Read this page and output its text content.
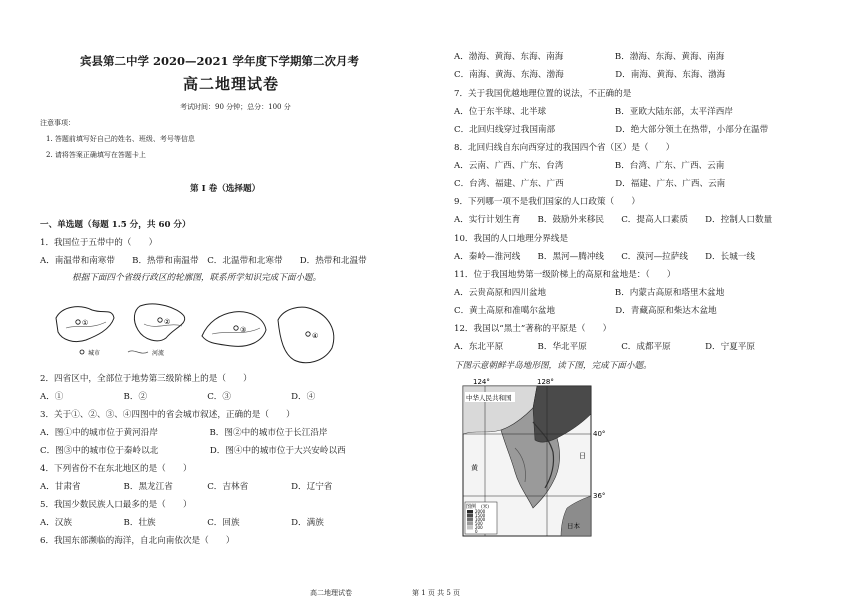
宾县第二中学 2020—2021 学年度下学期第二次月考
高二地理试卷
考试时间：90 分钟；总分：100 分
注意事项：
1. 答题前填写好自己的姓名、班级、考号等信息
2. 请将答案正确填写在答题卡上
第 I 卷（选择题）
一、单选题（每题 1.5 分，共 60 分）
1．我国位于五带中的（　　）
A．南温带和南寒带　　B．热带和南温带　C．北温带和北寒带　　D．热带和北温带
根据下面四个省级行政区的轮廓图，联系所学知识完成下面小题。
①	②
③
④
城市	河流
2．四省区中，全部位于地势第三级阶梯上的是（　　）
A．①　　　　　　　B．②　　　　　　　C．③　　　　　　　D．④
3．关于①、②、③、④四图中的省会城市叙述，正确的是（　　）
A．图①中的城市位于黄河沿岸　　　　　　B．图②中的城市位于长江沿岸
C．图③中的城市位于秦岭以北　　　　　　D．图④中的城市位于大兴安岭以西
4．下列省份不在东北地区的是（　　）
A．甘肃省　　　　　B．黑龙江省　　　　C．吉林省　　　　　D．辽宁省
5．我国少数民族人口最多的是（　　）
A．汉族　　　　　　B．壮族　　　　　　C．回族　　　　　　D．满族
6．我国东部濒临的海洋，自北向南依次是（　　）
A．渤海、黄海、东海、南海　　　　　　B．渤海、东海、黄海、南海
C．南海、黄海、东海、渤海　　　　　　D．南海、黄海、东海、渤海
7．关于我国优越地理位置的说法，不正确的是
A．位于东半球、北半球　　　　　　　　B．亚欧大陆东部，太平洋西岸
C．北回归线穿过我国南部　　　　　　　D．绝大部分领土在热带，小部分在温带
8．北回归线自东向西穿过的我国四个省（区）是（　　）
A．云南、广西、广东、台湾　　　　　　B．台湾、广东、广西、云南
C．台湾、福建、广东、广西　　　　　　D．福建、广东、广西、云南
9．下列哪一项不是我们国家的人口政策（　　）
A．实行计划生育　　B．鼓励外来移民　　C．提高人口素质　　D．控制人口数量
10．我国的人口地理分界线是
A．秦岭—淮河线　　B．黑河—腾冲线　　C．漠河—拉萨线　　D．长城一线
11．位于我国地势第一级阶梯上的高原和盆地是：（　　）
A．云贵高原和四川盆地　　　　　　　　B．内蒙古高原和塔里木盆地
C．黄土高原和准噶尔盆地　　　　　　　D．青藏高原和柴达木盆地
12．我国以“黑土”著称的平原是（　　）
A．东北平原　　　　B．华北平原　　　　C．成都平原　　　　D．宁夏平原
下图示意朝鲜半岛地形图，读下图，完成下面小题。
124°	128°
40°
36°
中华人民共和国
黄
日
日本
图例 (米)
2000
1500
1000
500
200
0
高二地理试卷	第 1 页 共 5 页
